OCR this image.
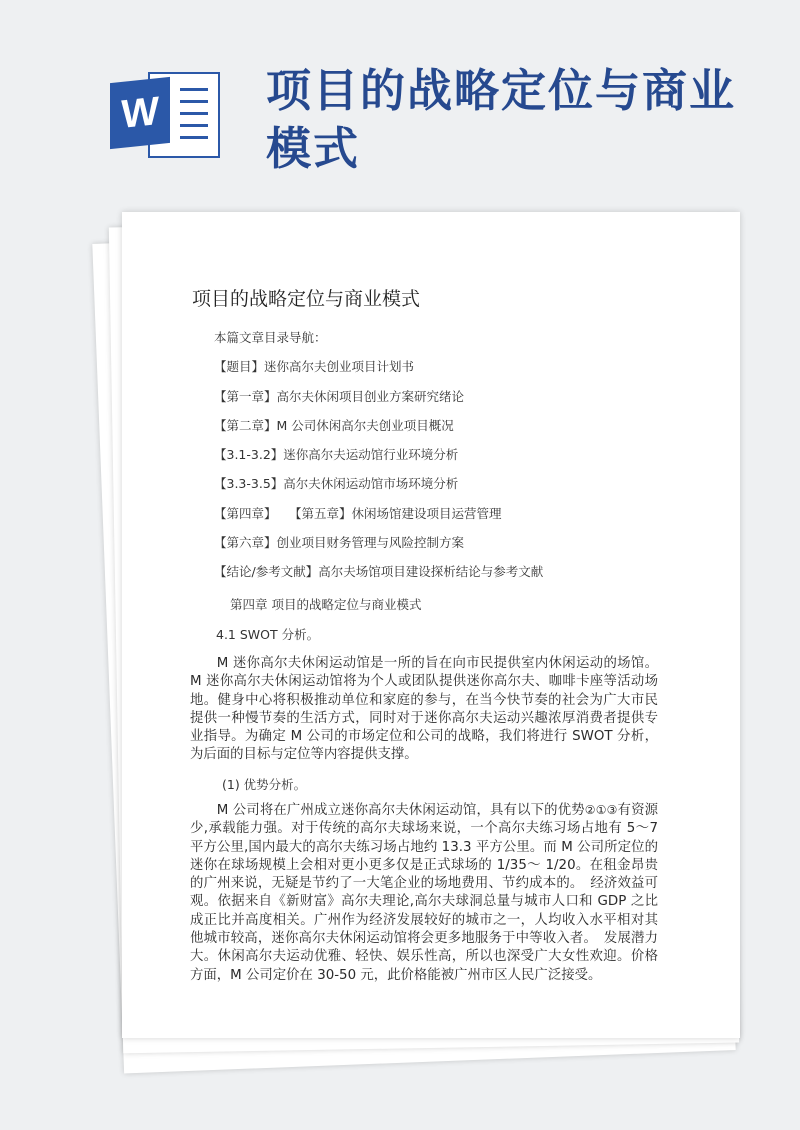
W 项目的战略定位与商业模式
项目的战略定位与商业模式
本篇文章目录导航：
【题目】迷你高尔夫创业项目计划书
【第一章】高尔夫休闲项目创业方案研究绪论
【第二章】M 公司休闲高尔夫创业项目概况
【3.1-3.2】迷你高尔夫运动馆行业环境分析
【3.3-3.5】高尔夫休闲运动馆市场环境分析
【第四章】　　【第五章】休闲场馆建设项目运营管理
【第六章】创业项目财务管理与风险控制方案
【结论/参考文献】高尔夫场馆项目建设探析结论与参考文献
第四章 项目的战略定位与商业模式
4.1 SWOT 分析。
M 迷你高尔夫休闲运动馆是一所的旨在向市民提供室内休闲运动的场馆。M 迷你高尔夫休闲运动馆将为个人或团队提供迷你高尔夫、咖啡卡座等活动场地。健身中心将积极推动单位和家庭的参与，在当今快节奏的社会为广大市民提供一种慢节奏的生活方式，同时对于迷你高尔夫运动兴趣浓厚消费者提供专业指导。为确定 M 公司的市场定位和公司的战略，我们将进行 SWOT 分析，为后面的目标与定位等内容提供支撑。
(1) 优势分析。
M 公司将在广州成立迷你高尔夫休闲运动馆，具有以下的优势②①③有资源少,承载能力强。对于传统的高尔夫球场来说，一个高尔夫练习场占地有 5～7 平方公里,国内最大的高尔夫练习场占地约 13.3 平方公里。而 M 公司所定位的迷你在球场规模上会相对更小更多仅是正式球场的 1/35～ 1/20。在租金昂贵的广州来说，无疑是节约了一大笔企业的场地费用、节约成本的。　经济效益可观。依据来自《新财富》高尔夫理论,高尔夫球洞总量与城市人口和 GDP 之比成正比并高度相关。广州作为经济发展较好的城市之一，人均收入水平相对其他城市较高，迷你高尔夫休闲运动馆将会更多地服务于中等收入者。　发展潜力大。休闲高尔夫运动优雅、轻快、娱乐性高，所以也深受广大女性欢迎。价格方面，M 公司定价在 30-50 元，此价格能被广州市区人民广泛接受。
